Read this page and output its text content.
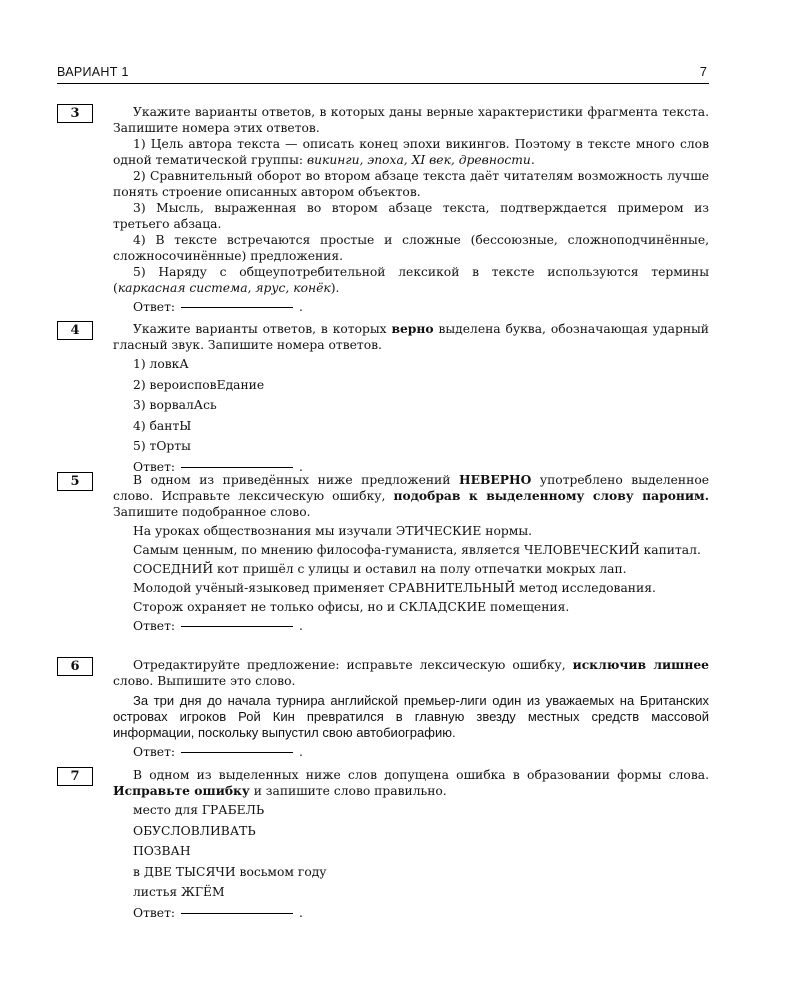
ВАРИАНТ 1	7
3	Укажите варианты ответов, в которых даны верные характеристики фрагмента текста. Запишите номера этих ответов.

1) Цель автора текста — описать конец эпохи викингов. Поэтому в тексте много слов одной тематической группы: викинги, эпоха, XI век, древности.

2) Сравнительный оборот во втором абзаце текста даёт читателям возможность лучше понять строение описанных автором объектов.

3) Мысль, выраженная во втором абзаце текста, подтверждается примером из третьего абзаца.

4) В тексте встречаются простые и сложные (бессоюзные, сложноподчинённые, сложносочинённые) предложения.

5) Наряду с общеупотребительной лексикой в тексте используются термины (каркасная система, ярус, конёк).

Ответ:	.

4	Укажите варианты ответов, в которых верно выделена буква, обозначающая ударный гласный звук. Запишите номера ответов.

1) ловкА

2) вероисповЕдание

3) ворвалАсь

4) бантЫ

5) тОрты

Ответ:	.

5	В одном из приведённых ниже предложений НЕВЕРНО употреблено выделенное слово. Исправьте лексическую ошибку, подобрав к выделенному слову пароним. Запишите подобранное слово.

На уроках обществознания мы изучали ЭТИЧЕСКИЕ нормы.

Самым ценным, по мнению философа-гуманиста, является ЧЕЛОВЕЧЕСКИЙ капитал.

СОСЕДНИЙ кот пришёл с улицы и оставил на полу отпечатки мокрых лап.

Молодой учёный-языковед применяет СРАВНИТЕЛЬНЫЙ метод исследования.

Сторож охраняет не только офисы, но и СКЛАДСКИЕ помещения.

Ответ:	.

6	Отредактируйте предложение: исправьте лексическую ошибку, исключив лишнее слово. Выпишите это слово.

За три дня до начала турнира английской премьер-лиги один из уважаемых на Британских островах игроков Рой Кин превратился в главную звезду местных средств массовой информации, поскольку выпустил свою автобиографию.

Ответ:	.

7	В одном из выделенных ниже слов допущена ошибка в образовании формы слова. Исправьте ошибку и запишите слово правильно.

место для ГРАБЕЛЬ

ОБУСЛОВЛИВАТЬ

ПОЗВАН

в ДВЕ ТЫСЯЧИ восьмом году

листья ЖГЁМ

Ответ:	.
